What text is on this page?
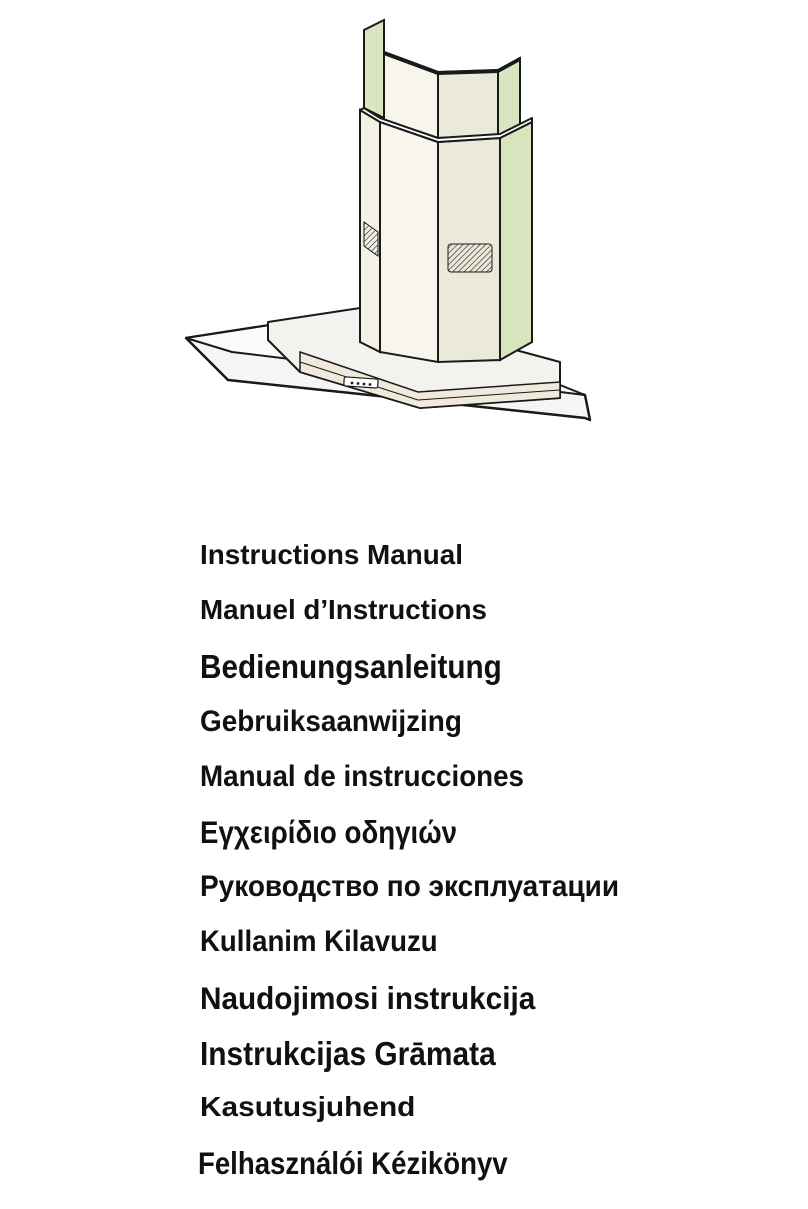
Instructions Manual
Manuel d’Instructions
Bedienungsanleitung
Gebruiksaanwijzing
Manual de instrucciones
Εγχειρίδιο οδηγιών
Руководство по эксплуатации
Kullanim Kilavuzu
Naudojimosi instrukcija
Instrukcijas Grāmata
Kasutusjuhend
Felhasználói Kézikönyv
